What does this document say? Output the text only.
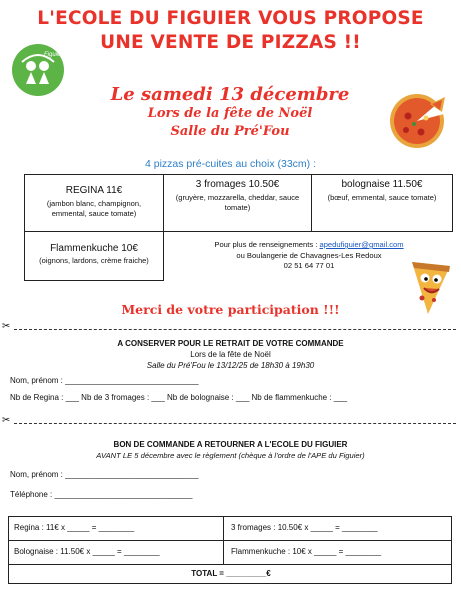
L'ECOLE DU FIGUIER VOUS PROPOSE
UNE VENTE DE PIZZAS !!
Figuier
Le samedi 13 décembre
Lors de la fête de Noël
Salle du Pré'Fou
4 pizzas pré-cuites au choix (33cm) :
REGINA 11€
(jambon blanc, champignon, emmental, sauce tomate)
3 fromages 10.50€
(gruyère, mozzarella, cheddar, sauce tomate)
bolognaise 11.50€
(bœuf, emmental, sauce tomate)
Flammenkuche 10€
(oignons, lardons, crème fraiche)
Pour plus de renseignements : apedufiguier@gmail.com
ou Boulangerie de Chavagnes-Les Redoux
02 51 64 77 01
Merci de votre participation !!!
✂
A CONSERVER POUR LE RETRAIT DE VOTRE COMMANDE
Lors de la fête de Noël
Salle du Pré'Fou le 13/12/25 de 18h30 à 19h30
Nom, prénom : ______________________________
Nb de Regina : ___ Nb de 3 fromages : ___ Nb de bolognaise : ___ Nb de flammenkuche : ___
✂
BON DE COMMANDE A RETOURNER A L'ECOLE DU FIGUIER
AVANT LE 5 décembre avec le règlement (chèque à l'ordre de l'APE du Figuier)
Nom, prénom : ______________________________
Téléphone : _______________________________
Regina : 11€ x _____ = ________	3 fromages : 10.50€ x _____ = ________
Bolognaise : 11.50€ x _____ = ________	Flammenkuche : 10€ x _____ = ________
TOTAL = _________€
